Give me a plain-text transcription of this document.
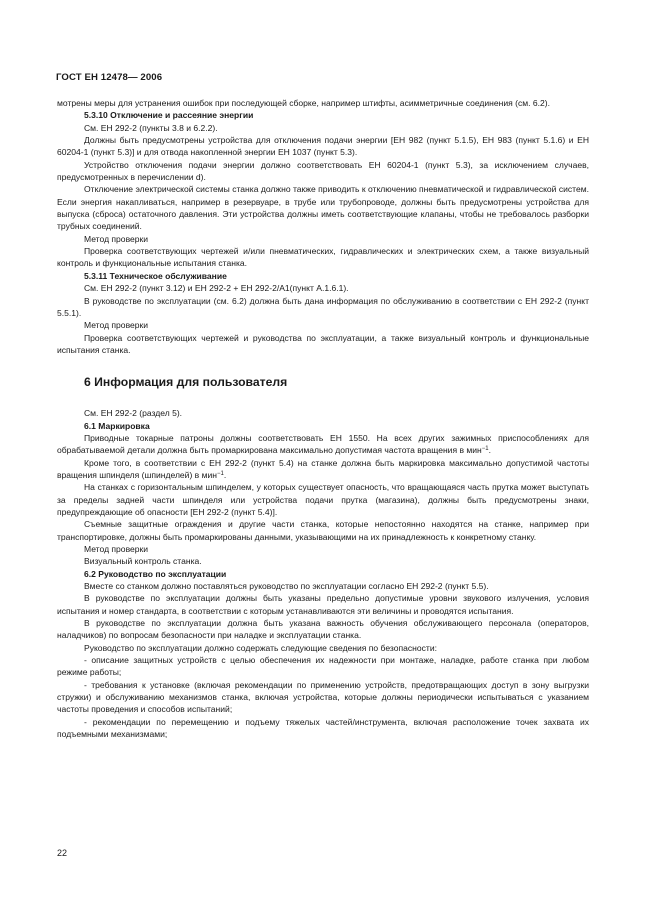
ГОСТ ЕН 12478— 2006

мотрены меры для устранения ошибок при последующей сборке, например штифты, асимметричные соединения (см. 6.2).

5.3.10 Отключение и рассеяние энергии

См. ЕН 292-2 (пункты 3.8 и 6.2.2).

Должны быть предусмотрены устройства для отключения подачи энергии [ЕН 982 (пункт 5.1.5), ЕН 983 (пункт 5.1.6) и ЕН 60204-1 (пункт 5.3)] и для отвода накопленной энергии ЕН 1037 (пункт 5.3).

Устройство отключения подачи энергии должно соответствовать ЕН 60204-1 (пункт 5.3), за исключением случаев, предусмотренных в перечислении d).

Отключение электрической системы станка должно также приводить к отключению пневматической и гидравлической систем. Если энергия накапливаться, например в резервуаре, в трубе или трубопроводе, должны быть предусмотрены устройства для выпуска (сброса) остаточного давления. Эти устройства должны иметь соответствующие клапаны, чтобы не требовалось разборки трубных соединений.

Метод проверки

Проверка соответствующих чертежей и/или пневматических, гидравлических и электрических схем, а также визуальный контроль и функциональные испытания станка.

5.3.11 Техническое обслуживание

См. ЕН 292-2 (пункт 3.12) и ЕН 292-2 + ЕН 292-2/А1(пункт А.1.6.1).

В руководстве по эксплуатации (см. 6.2) должна быть дана информация по обслуживанию в соответствии с ЕН 292-2 (пункт 5.5.1).

Метод проверки

Проверка соответствующих чертежей и руководства по эксплуатации, а также визуальный контроль и функциональные испытания станка.

6 Информация для пользователя

См. ЕН 292-2 (раздел 5).

6.1 Маркировка

Приводные токарные патроны должны соответствовать ЕН 1550. На всех других зажимных приспособлениях для обрабатываемой детали должна быть промаркирована максимально допустимая частота вращения в мин$^{-1}$.

Кроме того, в соответствии с ЕН 292-2 (пункт 5.4) на станке должна быть маркировка максимально допустимой частоты вращения шпинделя (шпинделей) в мин$^{-1}$.

На станках с горизонтальным шпинделем, у которых существует опасность, что вращающаяся часть прутка может выступать за пределы задней части шпинделя или устройства подачи прутка (магазина), должны быть предусмотрены знаки, предупреждающие об опасности [ЕН 292-2 (пункт 5.4)].

Съемные защитные ограждения и другие части станка, которые непостоянно находятся на станке, например при транспортировке, должны быть промаркированы данными, указывающими на их принадлежность к конкретному станку.

Метод проверки

Визуальный контроль станка.

6.2 Руководство по эксплуатации

Вместе со станком должно поставляться руководство по эксплуатации согласно ЕН 292-2 (пункт 5.5).

В руководстве по эксплуатации должны быть указаны предельно допустимые уровни звукового излучения, условия испытания и номер стандарта, в соответствии с которым устанавливаются эти величины и проводятся испытания.

В руководстве по эксплуатации должна быть указана важность обучения обслуживающего персонала (операторов, наладчиков) по вопросам безопасности при наладке и эксплуатации станка.

Руководство по эксплуатации должно содержать следующие сведения по безопасности:

- описание защитных устройств с целью обеспечения их надежности при монтаже, наладке, работе станка при любом режиме работы;

- требования к установке (включая рекомендации по применению устройств, предотвращающих доступ в зону выгрузки стружки) и обслуживанию механизмов станка, включая устройства, которые должны периодически испытываться с указанием частоты проведения и способов испытаний;

- рекомендации по перемещению и подъему тяжелых частей/инструмента, включая расположение точек захвата их подъемными механизмами;

22
